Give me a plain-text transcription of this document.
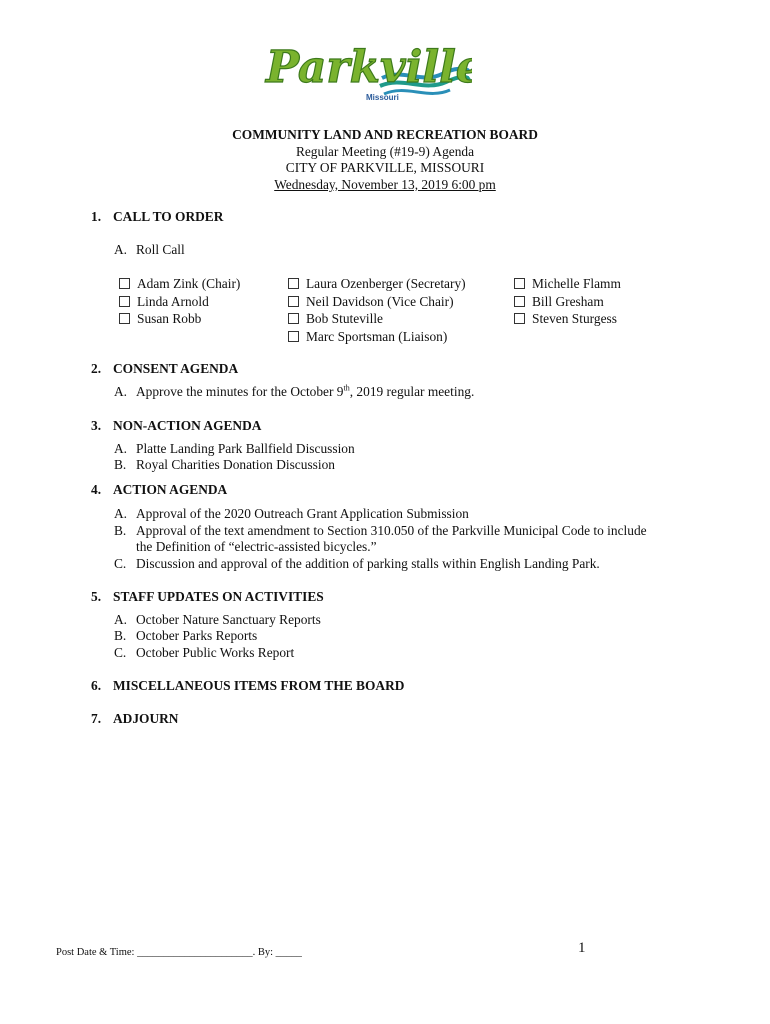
Parkville
Missouri
COMMUNITY LAND AND RECREATION BOARD
Regular Meeting (#19-9) Agenda
CITY OF PARKVILLE, MISSOURI
Wednesday, November 13, 2019 6:00 pm
1. CALL TO ORDER
A. Roll Call
Adam Zink (Chair)
Linda Arnold
Susan Robb
Laura Ozenberger (Secretary)
Neil Davidson (Vice Chair)
Bob Stuteville
Marc Sportsman (Liaison)
Michelle Flamm
Bill Gresham
Steven Sturgess
2. CONSENT AGENDA
A. Approve the minutes for the October 9th, 2019 regular meeting.
3. NON-ACTION AGENDA
A. Platte Landing Park Ballfield Discussion
B. Royal Charities Donation Discussion
4. ACTION AGENDA
A. Approval of the 2020 Outreach Grant Application Submission
B. Approval of the text amendment to Section 310.050 of the Parkville Municipal Code to include
the Definition of “electric-assisted bicycles.”
C. Discussion and approval of the addition of parking stalls within English Landing Park.
5. STAFF UPDATES ON ACTIVITIES
A. October Nature Sanctuary Reports
B. October Parks Reports
C. October Public Works Report
6. MISCELLANEOUS ITEMS FROM THE BOARD
7. ADJOURN
Post Date & Time: ______________________. By: _____	1
